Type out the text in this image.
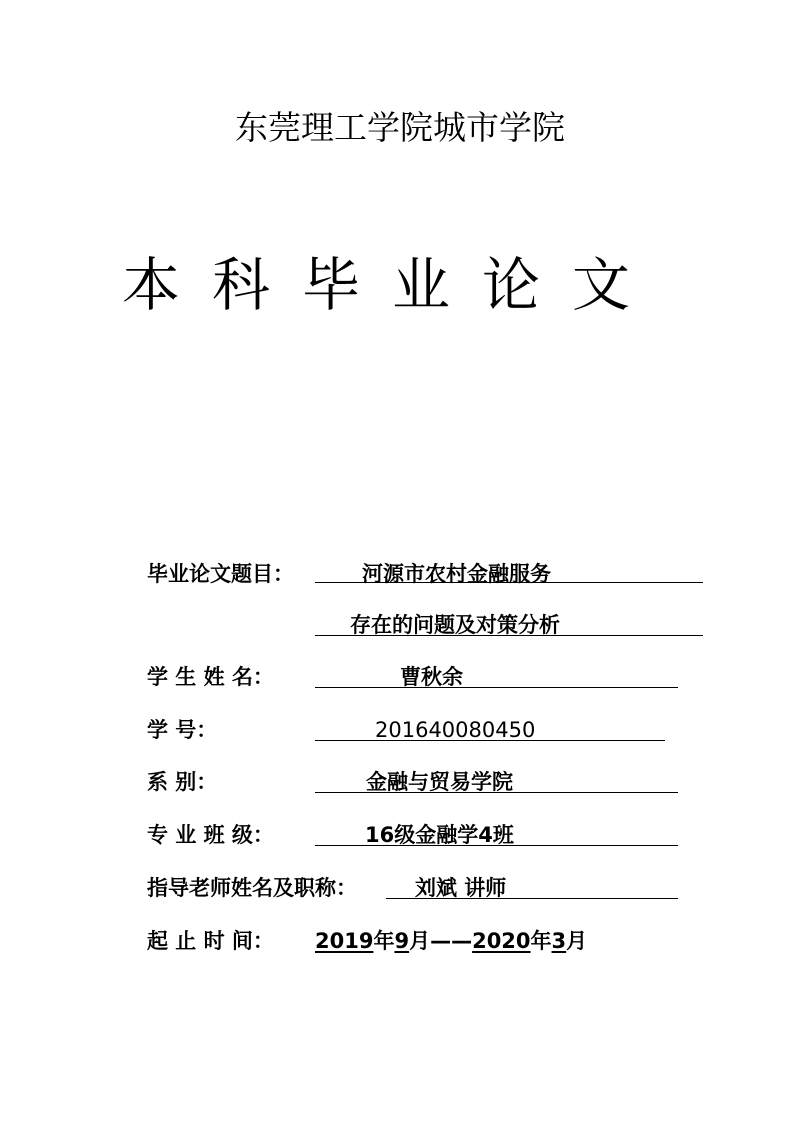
东莞理工学院城市学院
本科毕业论文
毕业论文题目：	河源市农村金融服务
存在的问题及对策分析
学 生 姓 名：	曹秋余
学 号：	201640080450
系 别：	金融与贸易学院
专 业 班 级：	16级金融学4班
指导老师姓名及职称：	刘斌 讲师
起 止 时 间： 2019年9月——2020年3月
